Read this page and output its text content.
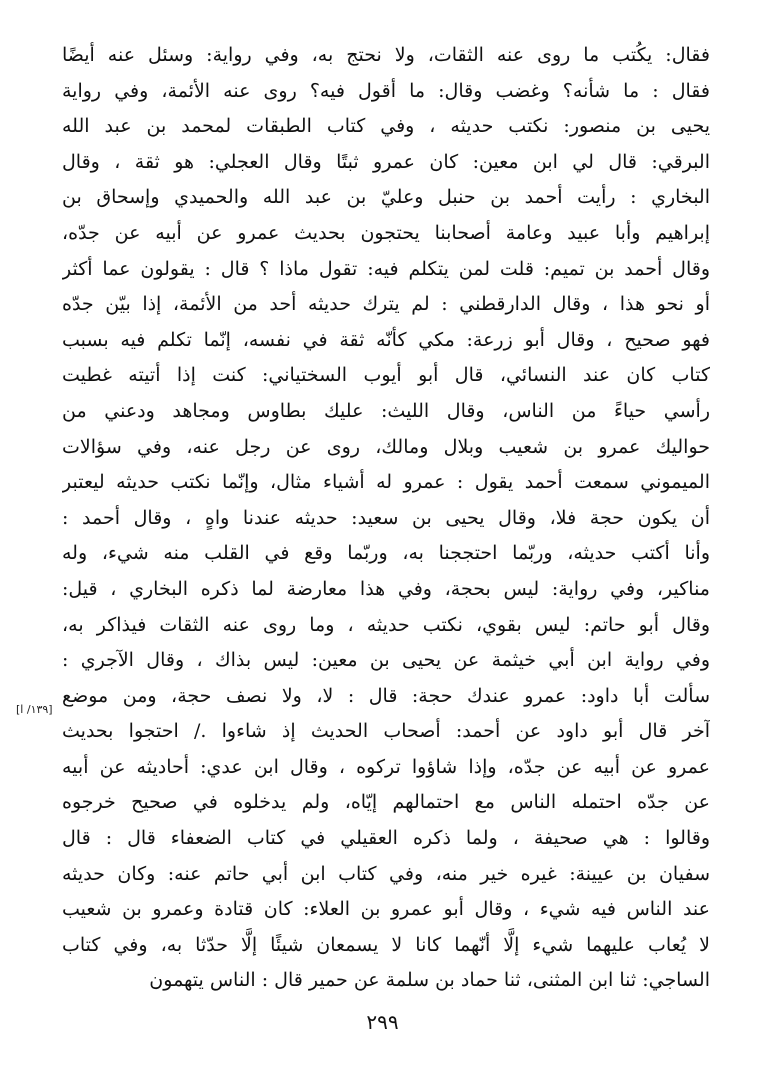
فقال: يكُتب ما روى عنه الثقات، ولا نحتج به، وفي رواية: وسئل عنه أيضًا
فقال : ما شأنه؟ وغضب وقال: ما أقول فيه؟ روى عنه الأئمة، وفي رواية
يحيى بن منصور: نكتب حديثه ، وفي كتاب الطبقات لمحمد بن عبد الله
البرقي: قال لي ابن معين: كان عمرو ثبتًا وقال العجلي: هو ثقة ، وقال
البخاري : رأيت أحمد بن حنبل وعليّ بن عبد الله والحميدي وإسحاق بن
إبراهيم وأبا عبيد وعامة أصحابنا يحتجون بحديث عمرو عن أبيه عن جدّه،
وقال أحمد بن تميم: قلت لمن يتكلم فيه: تقول ماذا ؟ قال : يقولون عما أكثر
أو نحو هذا ، وقال الدارقطني : لم يترك حديثه أحد من الأئمة، إذا بيّن جدّه
فهو صحيح ، وقال أبو زرعة: مكي كأنّه ثقة في نفسه، إنّما تكلم فيه بسبب
كتاب كان عند النسائي، قال أبو أيوب السختياني: كنت إذا أتيته غطيت
رأسي حياءً من الناس، وقال الليث: عليك بطاوس ومجاهد ودعني من
حواليك عمرو بن شعيب وبلال ومالك، روى عن رجل عنه، وفي سؤالات
الميموني سمعت أحمد يقول : عمرو له أشياء مثال، وإنّما نكتب حديثه ليعتبر
أن يكون حجة فلا، وقال يحيى بن سعيد: حديثه عندنا واهٍ ، وقال أحمد :
وأنا أكتب حديثه، وربّما احتججنا به، وربّما وقع في القلب منه شيء، وله
مناكير، وفي رواية: ليس بحجة، وفي هذا معارضة لما ذكره البخاري ، قيل:
وقال أبو حاتم: ليس بقوي، نكتب حديثه ، وما روى عنه الثقات فيذاكر به،
وفي رواية ابن أبي خيثمة عن يحيى بن معين: ليس بذاك ، وقال الآجري :
سألت أبا داود: عمرو عندك حجة: قال : لا، ولا نصف حجة، ومن موضع
آخر قال أبو داود عن أحمد: أصحاب الحديث إذ شاءوا ./ احتجوا بحديث
عمرو عن أبيه عن جدّه، وإذا شاؤوا تركوه ، وقال ابن عدي: أحاديثه عن أبيه
عن جدّه احتمله الناس مع احتمالهم إيّاه، ولم يدخلوه في صحيح خرجوه
وقالوا : هي صحيفة ، ولما ذكره العقيلي في كتاب الضعفاء قال : قال
سفيان بن عيينة: غيره خير منه، وفي كتاب ابن أبي حاتم عنه: وكان حديثه
عند الناس فيه شيء ، وقال أبو عمرو بن العلاء: كان قتادة وعمرو بن شعيب
لا يُعاب عليهما شيء إلَّا أنّهما كانا لا يسمعان شيئًا إلَّا حدّثا به، وفي كتاب
الساجي: ثنا ابن المثنى، ثنا حماد بن سلمة عن حمير قال : الناس يتهمون
[١٣٩/ ا]
٢٩٩
